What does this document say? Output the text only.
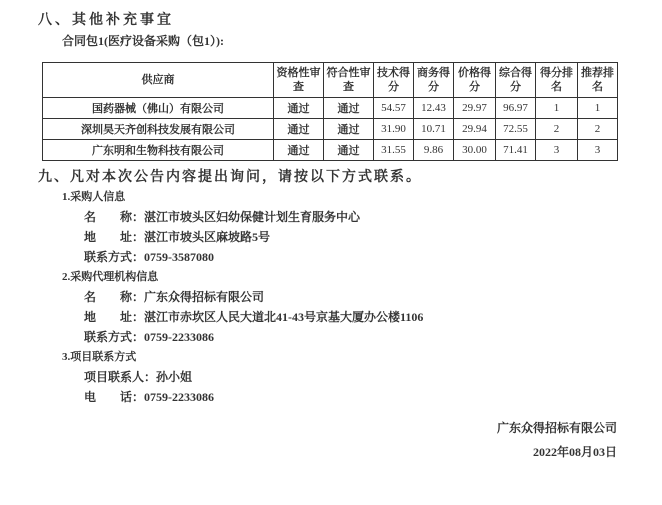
八、其他补充事宜
合同包1(医疗设备采购（包1）):
供应商	资格性审查	符合性审查	技术得分	商务得分	价格得分	综合得分	得分排名	推荐排名
国药器械（佛山）有限公司	通过	通过	54.57	12.43	29.97	96.97	1	1
深圳昊天齐创科技发展有限公司	通过	通过	31.90	10.71	29.94	72.55	2	2
广东明和生物科技有限公司	通过	通过	31.55	9.86	30.00	71.41	3	3
九、凡对本次公告内容提出询问，请按以下方式联系。
1.采购人信息
名　　称：湛江市坡头区妇幼保健计划生育服务中心
地　　址：湛江市坡头区麻坡路5号
联系方式：0759-3587080
2.采购代理机构信息
名　　称：广东众得招标有限公司
地　　址：湛江市赤坎区人民大道北41-43号京基大厦办公楼1106
联系方式：0759-2233086
3.项目联系方式
项目联系人：孙小姐
电　　话：0759-2233086
广东众得招标有限公司
2022年08月03日
